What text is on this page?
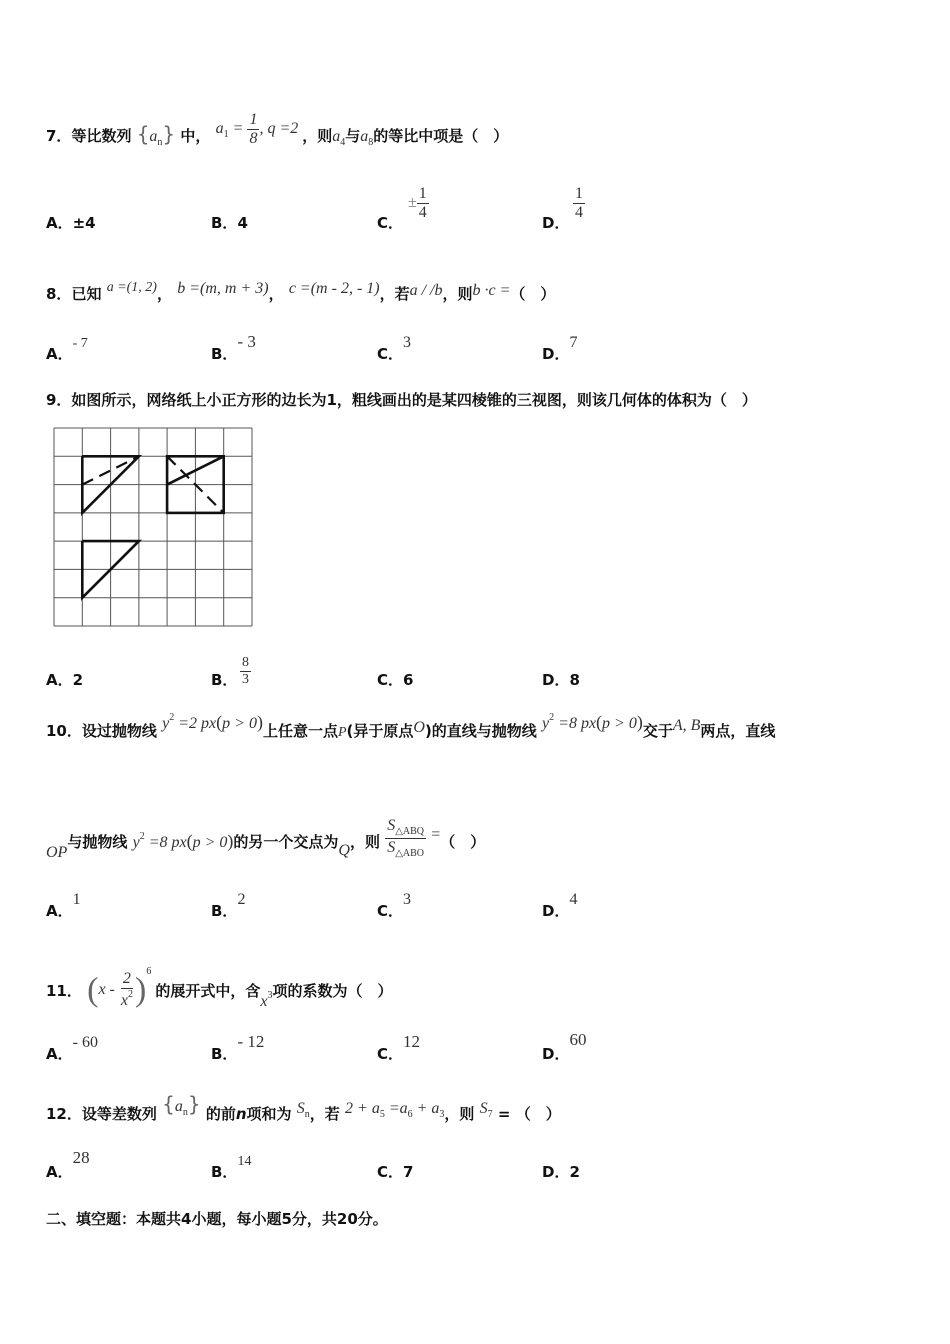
7．等比数列 $\{a_n\}$ 中， $a_1 = \frac{1}{8}$ , q =2 ，则$a_4$与$a_8$的等比中项是（　）
A．±4	B．4	C．
± $\frac{1}{4}$
D．
$\frac{1}{4}$
8．已知 a =(1, 2)， b =(m, m + 3)， c =(m - 2, - 1)，若a / /b，则b ·c =（　）
A．- 7
B．- 3
C．3
D．7
9．如图所示，网络纸上小正方形的边长为1，粗线画出的是某四棱锥的三视图，则该几何体的体积为（　）
A．2	B． $\frac{8}{3}$	C．6	D．8
10．设过抛物线 $y^2 =2$ px(p > 0)上任意一点P(异于原点O)的直线与抛物线 $y^2 =8$ px(p > 0)交于A, B两点，直线
OP与抛物线 $y^2 =8$ px(p > 0)的另一个交点为Q，则 $\frac{S_{\triangle ABQ}}{S_{\triangle ABO}}$ =（　）
A．1
B．2
C．3
D．4
11． $(x - \frac{2}{x^2} )^6$ 的展开式中，含$x^3$项的系数为（　）
A．- 60
B．- 12
C．12
D．60
12．设等差数列 $\{a_n\}$ 的前n项和为 $S_n$，若 $2 + a_5 =a_6 + a_3$，则 $S_7$ = （　）
A．28
B．14
C．7	D．2
二、填空题：本题共4小题，每小题5分，共20分。
